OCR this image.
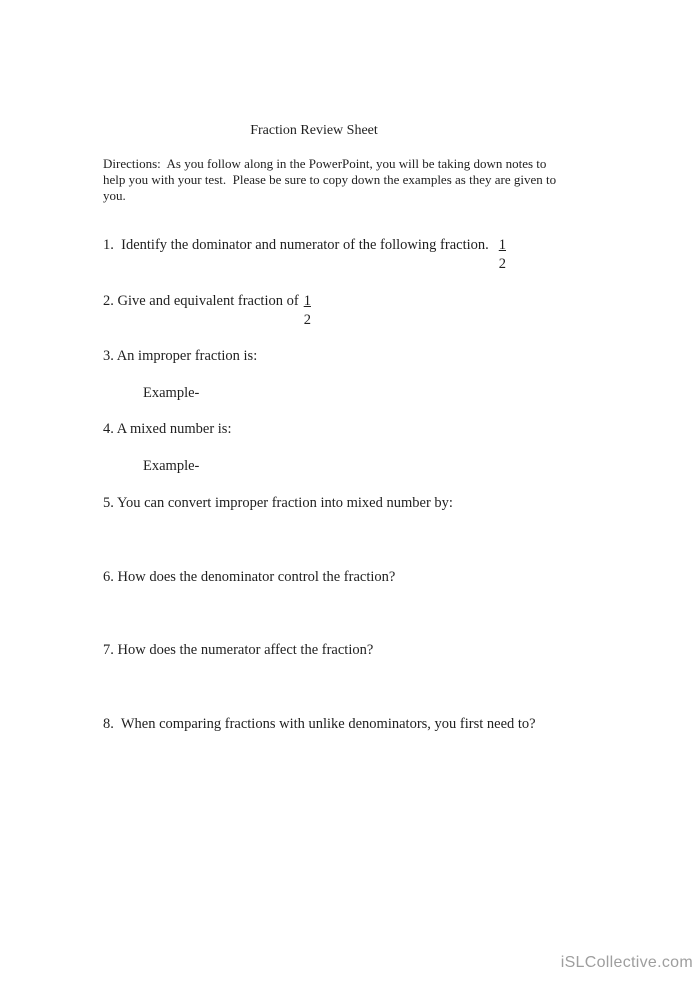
Fraction Review Sheet
Directions:  As you follow along in the PowerPoint, you will be taking down notes to
help you with your test.  Please be sure to copy down the examples as they are given to
you.
1.  Identify the dominator and numerator of the following fraction. $\frac{1}{2}$
2. Give and equivalent fraction of $\frac{1}{2}$
3. An improper fraction is:
Example-
4. A mixed number is:
Example-
5. You can convert improper fraction into mixed number by:
6. How does the denominator control the fraction?
7. How does the numerator affect the fraction?
8.  When comparing fractions with unlike denominators, you first need to?
iSLCollective.com
